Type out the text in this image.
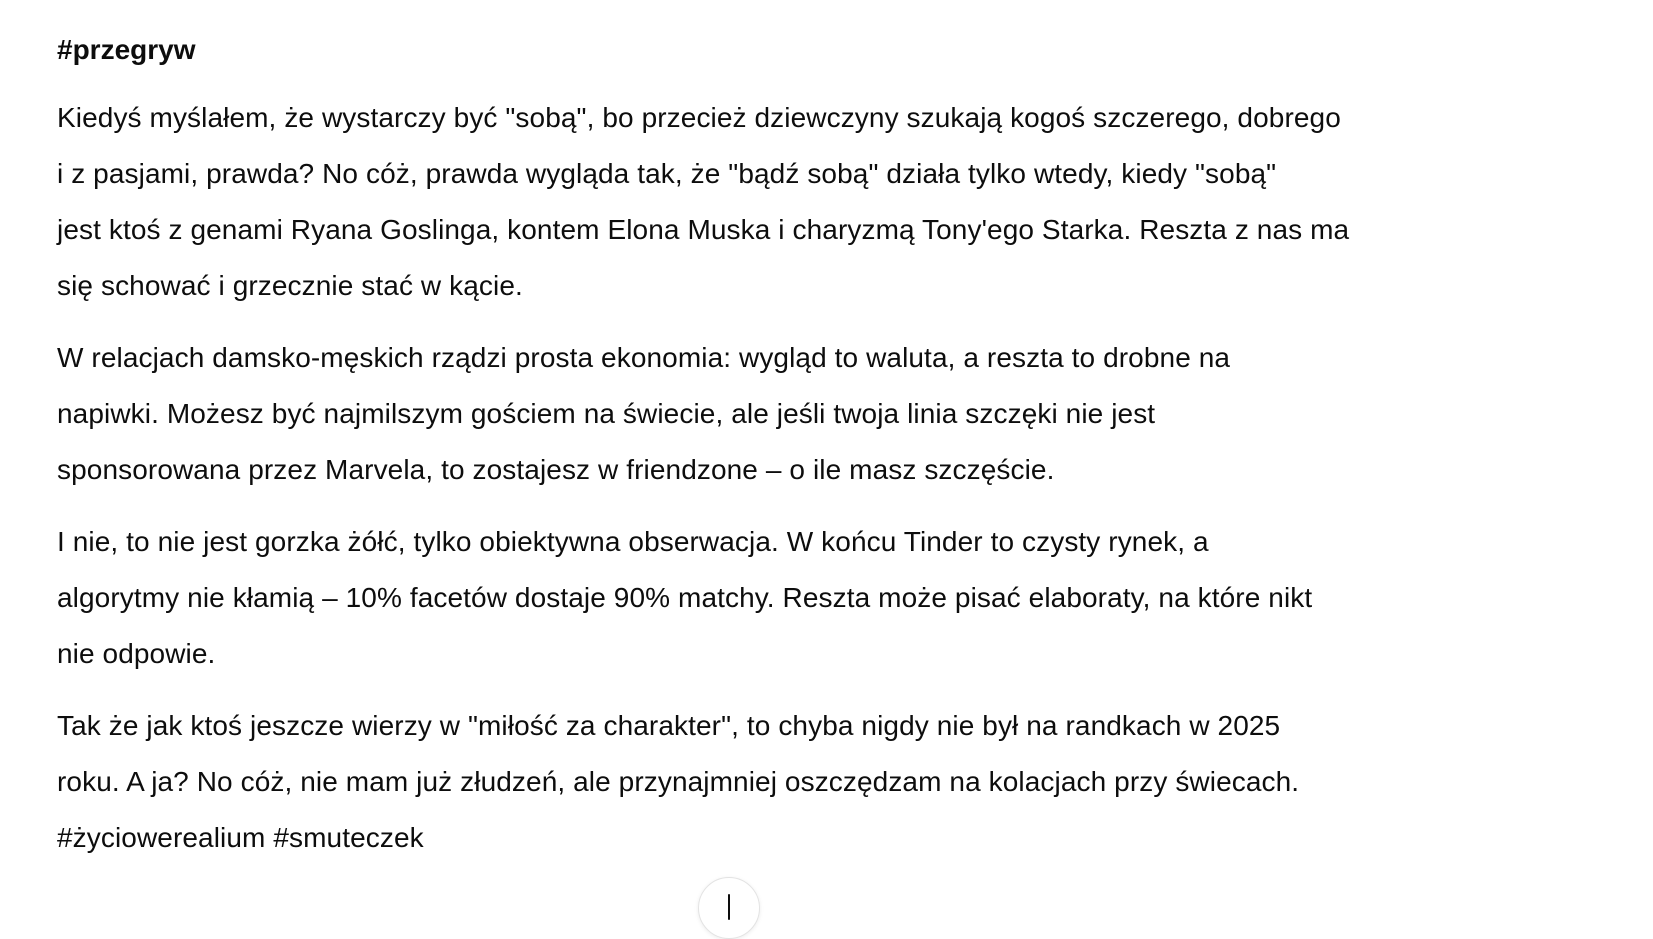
#przegryw
Kiedyś myślałem, że wystarczy być "sobą", bo przecież dziewczyny szukają kogoś szczerego, dobrego
i z pasjami, prawda? No cóż, prawda wygląda tak, że "bądź sobą" działa tylko wtedy, kiedy "sobą"
jest ktoś z genami Ryana Goslinga, kontem Elona Muska i charyzmą Tony'ego Starka. Reszta z nas ma
się schować i grzecznie stać w kącie.
W relacjach damsko-męskich rządzi prosta ekonomia: wygląd to waluta, a reszta to drobne na
napiwki. Możesz być najmilszym gościem na świecie, ale jeśli twoja linia szczęki nie jest
sponsorowana przez Marvela, to zostajesz w friendzone – o ile masz szczęście.
I nie, to nie jest gorzka żółć, tylko obiektywna obserwacja. W końcu Tinder to czysty rynek, a
algorytmy nie kłamią – 10% facetów dostaje 90% matchy. Reszta może pisać elaboraty, na które nikt
nie odpowie.
Tak że jak ktoś jeszcze wierzy w "miłość za charakter", to chyba nigdy nie był na randkach w 2025
roku. A ja? No cóż, nie mam już złudzeń, ale przynajmniej oszczędzam na kolacjach przy świecach.
#życiowerealium #smuteczek
